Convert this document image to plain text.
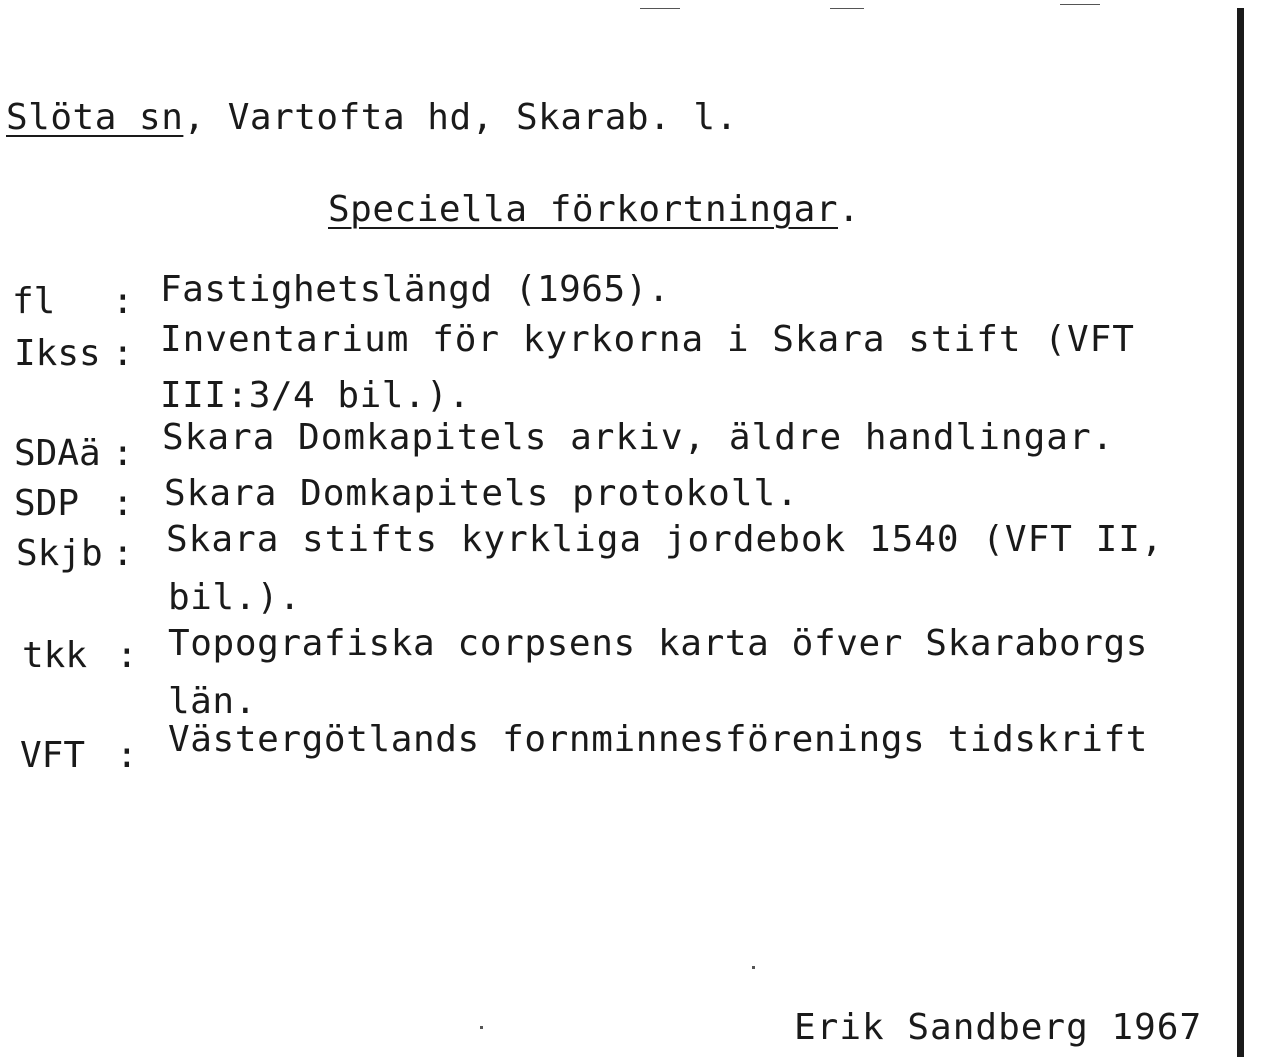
Slöta sn, Vartofta hd, Skarab. l.
Speciella förkortningar.
fl : Fastighetslängd (1965).
Ikss : Inventarium för kyrkorna i Skara stift (VFT
III:3/4 bil.).
SDAä : Skara Domkapitels arkiv, äldre handlingar.
SDP : Skara Domkapitels protokoll.
Skjb : Skara stifts kyrkliga jordebok 1540 (VFT II,
bil.).
tkk : Topografiska corpsens karta öfver Skaraborgs
län.
VFT : Västergötlands fornminnesförenings tidskrift
Erik Sandberg 1967
